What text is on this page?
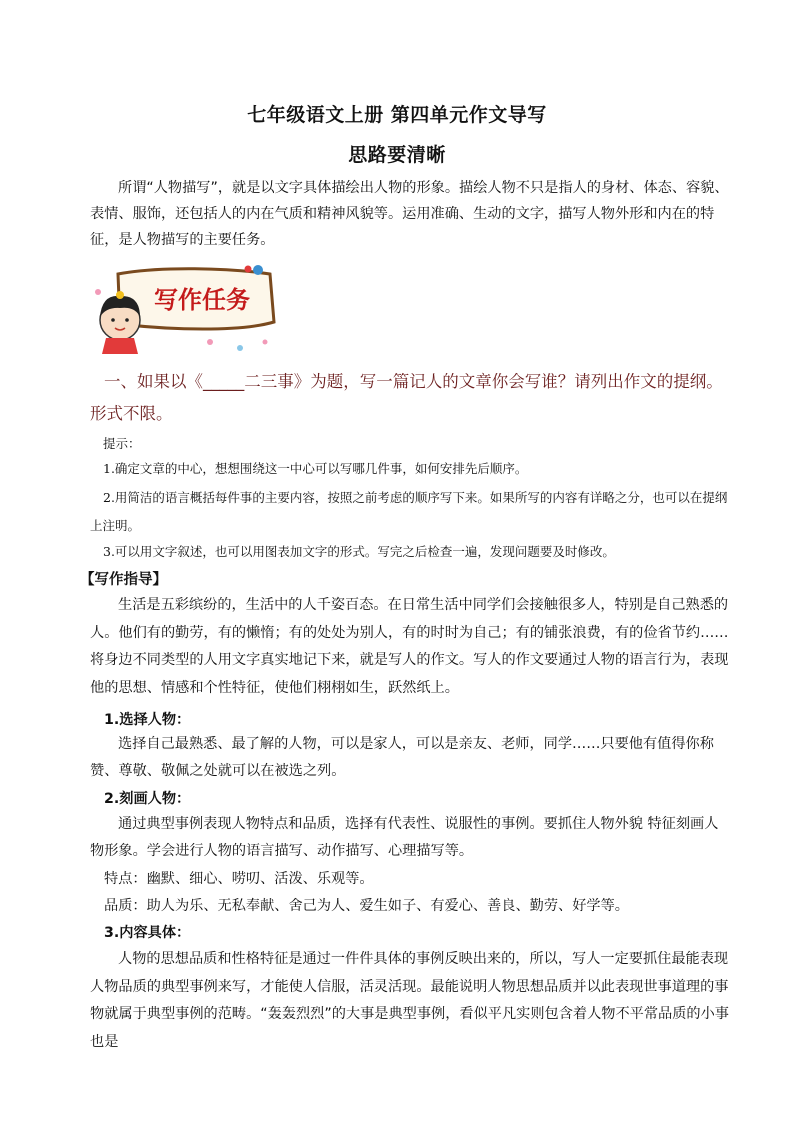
七年级语文上册 第四单元作文导写
思路要清晰

所谓“人物描写”，就是以文字具体描绘出人物的形象。描绘人物不只是指人的身材、体态、容貌、表情、服饰，还包括人的内在气质和精神风貌等。运用准确、生动的文字，描写人物外形和内在的特征，是人物描写的主要任务。

写作任务

一、如果以《_____二三事》为题，写一篇记人的文章你会写谁？请列出作文的提纲。形式不限。

提示：

1.确定文章的中心，想想围绕这一中心可以写哪几件事，如何安排先后顺序。

2.用简洁的语言概括每件事的主要内容，按照之前考虑的顺序写下来。如果所写的内容有详略之分，也可以在提纲上注明。

3.可以用文字叙述，也可以用图表加文字的形式。写完之后检查一遍，发现问题要及时修改。

【写作指导】

生活是五彩缤纷的，生活中的人千姿百态。在日常生活中同学们会接触很多人，特别是自己熟悉的人。他们有的勤劳，有的懒惰；有的处处为别人，有的时时为自己；有的铺张浪费，有的俭省节约……将身边不同类型的人用文字真实地记下来，就是写人的作文。写人的作文要通过人物的语言行为，表现他的思想、情感和个性特征，使他们栩栩如生，跃然纸上。

1.选择人物：

选择自己最熟悉、最了解的人物，可以是家人，可以是亲友、老师，同学……只要他有值得你称赞、尊敬、敬佩之处就可以在被选之列。

2.刻画人物：

通过典型事例表现人物特点和品质，选择有代表性、说服性的事例。要抓住人物外貌 特征刻画人物形象。学会进行人物的语言描写、动作描写、心理描写等。

特点：幽默、细心、唠叨、活泼、乐观等。
品质：助人为乐、无私奉献、舍己为人、爱生如子、有爱心、善良、勤劳、好学等。
3.内容具体：

人物的思想品质和性格特征是通过一件件具体的事例反映出来的，所以，写人一定要抓住最能表现人物品质的典型事例来写，才能使人信服，活灵活现。最能说明人物思想品质并以此表现世事道理的事物就属于典型事例的范畴。“轰轰烈烈”的大事是典型事例，看似平凡实则包含着人物不平常品质的小事也是
